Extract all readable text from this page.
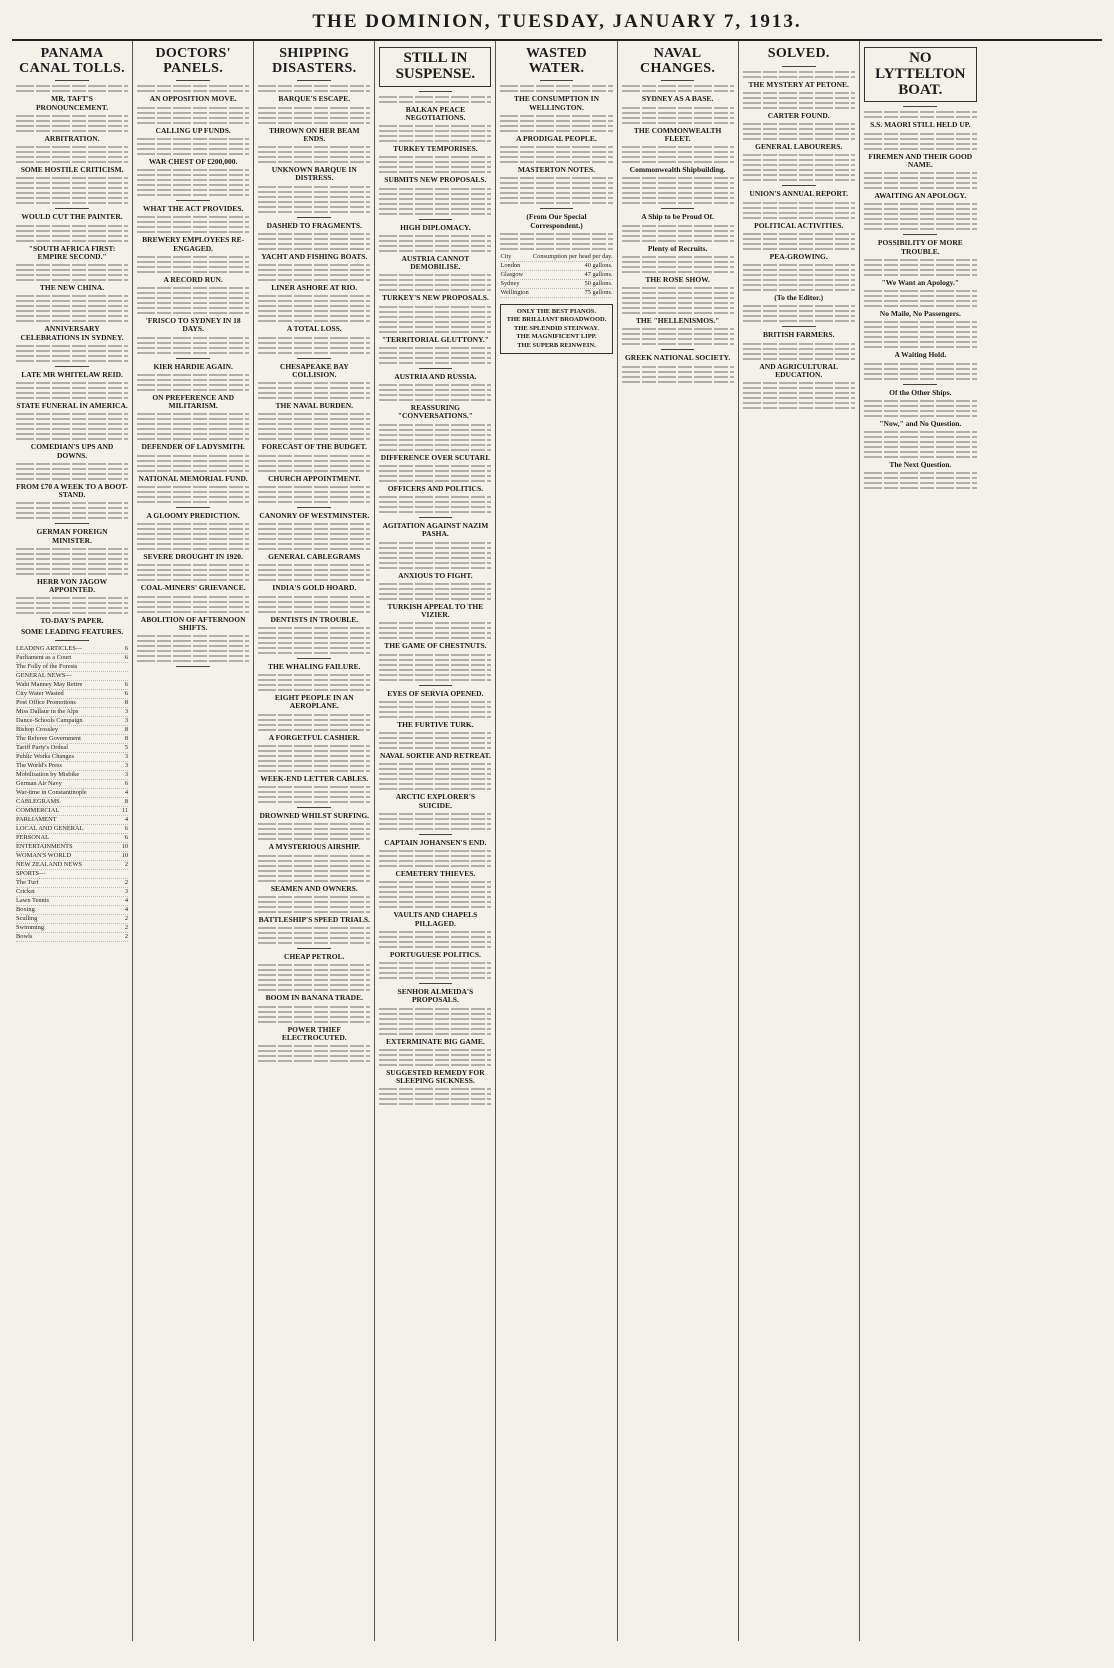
THE DOMINION, TUESDAY, JANUARY 7, 1913.
PANAMA CANAL TOLLS.
MR. TAFT'S PRONOUNCEMENT.
ARBITRATION.
SOME HOSTILE CRITICISM.
WOULD CUT THE PAINTER.
"SOUTH AFRICA FIRST: EMPIRE SECOND."
THE NEW CHINA.
ANNIVERSARY CELEBRATIONS IN SYDNEY.
LATE MR WHITELAW REID.
STATE FUNERAL IN AMERICA.
COMEDIAN'S UPS AND DOWNS.
FROM £70 A WEEK TO A BOOT-STAND.
GERMAN FOREIGN MINISTER.
HERR VON JAGOW APPOINTED.
TO-DAY'S PAPER.
SOME LEADING FEATURES.
LEADING ARTICLES—	6
Parliament as a Court	6
The Folly of the Forests
GENERAL NEWS—
Wahi Manney May Retire	6
City Water Wasted	6
Post Office Promotions	8
Miss Dallaur in the Alps	3
Dance-Schools Campaign	3
Bishop Crossley	8
The Referee Government	8
Tariff Party's Ordeal	5
Public Works Changes	3
The World's Press	3
Mobilisation by Misbike	3
German Air Navy	6
War-time in Constantinople	4
CABLEGRAMS	8
COMMERCIAL	11
PARLIAMENT	4
LOCAL AND GENERAL	6
PERSONAL	6
ENTERTAINMENTS	10
WOMAN'S WORLD	10
NEW ZEALAND NEWS	2
SPORTS—
The Turf	2
Cricket	3
Lawn Tennis	4
Boxing	4
Sculling	2
Swimming	2
Bowls	2
DOCTORS' PANELS.
AN OPPOSITION MOVE.
CALLING UP FUNDS.
WAR CHEST OF £200,000.
WHAT THE ACT PROVIDES.
BREWERY EMPLOYEES RE-ENGAGED.
A RECORD RUN.
'FRISCO TO SYDNEY IN 18 DAYS.
KIER HARDIE AGAIN.
ON PREFERENCE AND MILITARISM.
DEFENDER OF LADYSMITH.
NATIONAL MEMORIAL FUND.
A GLOOMY PREDICTION.
SEVERE DROUGHT IN 1920.
COAL-MINERS' GRIEVANCE.
ABOLITION OF AFTERNOON SHIFTS.
SHIPPING DISASTERS.
BARQUE'S ESCAPE.
THROWN ON HER BEAM ENDS.
UNKNOWN BARQUE IN DISTRESS.
DASHED TO FRAGMENTS.
YACHT AND FISHING BOATS.
LINER ASHORE AT RIO.
A TOTAL LOSS.
CHESAPEAKE BAY COLLISION.
THE NAVAL BURDEN.
FORECAST OF THE BUDGET.
CHURCH APPOINTMENT.
CANONRY OF WESTMINSTER.
GENERAL CABLEGRAMS
INDIA'S GOLD HOARD.
DENTISTS IN TROUBLE.
THE WHALING FAILURE.
EIGHT PEOPLE IN AN AEROPLANE.
A FORGETFUL CASHIER.
WEEK-END LETTER CABLES.
DROWNED WHILST SURFING.
A MYSTERIOUS AIRSHIP.
SEAMEN AND OWNERS.
BATTLESHIP'S SPEED TRIALS.
CHEAP PETROL.
BOOM IN BANANA TRADE.
POWER THIEF ELECTROCUTED.
STILL IN SUSPENSE.
BALKAN PEACE NEGOTIATIONS.
TURKEY TEMPORISES.
SUBMITS NEW PROPOSALS.
HIGH DIPLOMACY.
AUSTRIA CANNOT DEMOBILISE.
TURKEY'S NEW PROPOSALS.
"TERRITORIAL GLUTTONY."
AUSTRIA AND RUSSIA.
REASSURING "CONVERSATIONS."
DIFFERENCE OVER SCUTARI.
OFFICERS AND POLITICS.
AGITATION AGAINST NAZIM PASHA.
ANXIOUS TO FIGHT.
TURKISH APPEAL TO THE VIZIER.
THE GAME OF CHESTNUTS.
EYES OF SERVIA OPENED.
THE FURTIVE TURK.
NAVAL SORTIE AND RETREAT.
ARCTIC EXPLORER'S SUICIDE.
CAPTAIN JOHANSEN'S END.
CEMETERY THIEVES.
VAULTS AND CHAPELS PILLAGED.
PORTUGUESE POLITICS.
SENHOR ALMEIDA'S PROPOSALS.
EXTERMINATE BIG GAME.
SUGGESTED REMEDY FOR SLEEPING SICKNESS.
WASTED WATER.
THE CONSUMPTION IN WELLINGTON.
A PRODIGAL PEOPLE.
MASTERTON NOTES.
(From Our Special Correspondent.)
City	Consumption per head per day.
London	40 gallons.
Glasgow	47 gallons.
Sydney	50 gallons.
Wellington	75 gallons.
ONLY THE BEST PIANOS.
THE BRILLIANT BROADWOOD.
THE SPLENDID STEINWAY.
THE MAGNIFICENT LIPP.
THE SUPERB REINWEIN.
NAVAL CHANGES.
SYDNEY AS A BASE.
THE COMMONWEALTH FLEET.
Commonwealth Shipbuilding.
A Ship to be Proud Of.
Plenty of Recruits.
THE ROSE SHOW.
THE "HELLENISMOS."
GREEK NATIONAL SOCIETY.
SOLVED.
THE MYSTERY AT PETONE.
CARTER FOUND.
GENERAL LABOURERS.
UNION'S ANNUAL REPORT.
POLITICAL ACTIVITIES.
PEA-GROWING.
(To the Editor.)
BRITISH FARMERS.
AND AGRICULTURAL EDUCATION.
NO LYTTELTON BOAT.
S.S. MAORI STILL HELD UP.
FIREMEN AND THEIR GOOD NAME.
AWAITING AN APOLOGY.
POSSIBILITY OF MORE TROUBLE.
"We Want an Apology."
No Maile, No Passengers.
A Waiting Hold.
Of the Other Ships.
"Now," and No Question.
The Next Question.
